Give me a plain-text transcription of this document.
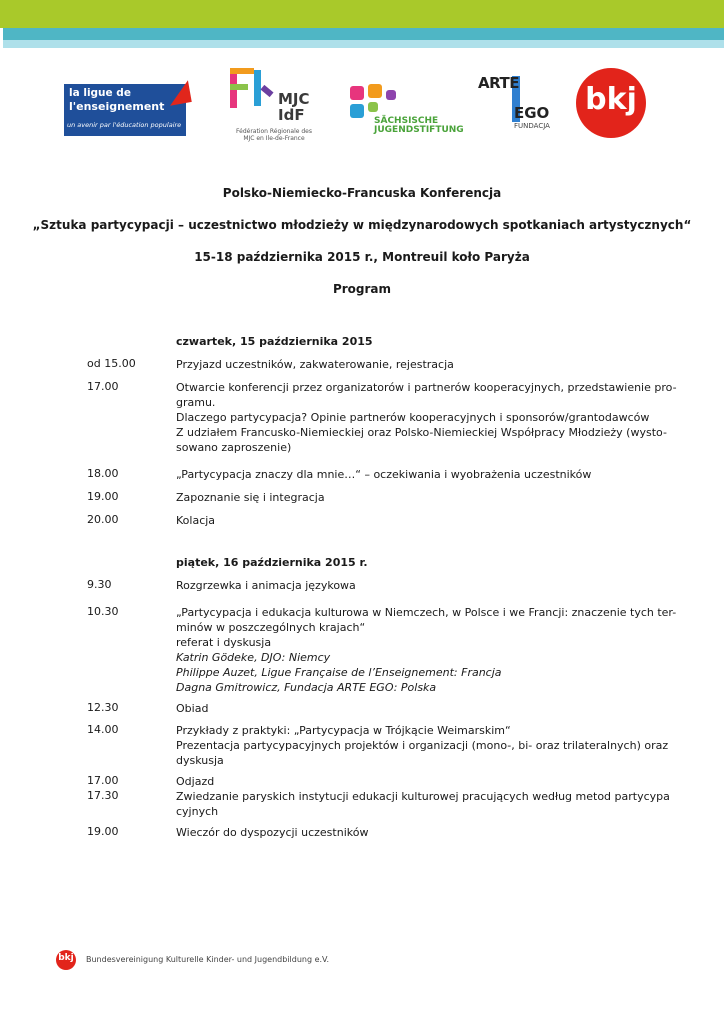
la ligue de
l'enseignement
un avenir par l'éducation populaire
MJC
IdF
Fédération Régionale des MJC en Ile-de-France
SÄCHSISCHE
JUGENDSTIFTUNG
ARTE
EGO
FUNDACJA
bkj
Polsko-Niemiecko-Francuska Konferencja
„Sztuka partycypacji – uczestnictwo młodzieży w międzynarodowych spotkaniach artystycznych“
15-18 października 2015 r., Montreuil koło Paryża
Program
czwartek, 15 października 2015
od 15.00	Przyjazd uczestników, zakwaterowanie, rejestracja
17.00	Otwarcie konferencji przez organizatorów i partnerów kooperacyjnych, przedstawienie pro-
gramu.
Dlaczego partycypacja? Opinie partnerów kooperacyjnych i sponsorów/grantodawców
Z udziałem Francusko-Niemieckiej oraz Polsko-Niemieckiej Współpracy Młodzieży (wysto-
sowano zaproszenie)
18.00	„Partycypacja znaczy dla mnie…“ – oczekiwania i wyobrażenia uczestników
19.00	Zapoznanie się i integracja
20.00	Kolacja
piątek, 16 października 2015 r.
9.30	Rozgrzewka i animacja językowa
10.30	„Partycypacja i edukacja kulturowa w Niemczech, w Polsce i we Francji: znaczenie tych ter-
minów w poszczególnych krajach“
referat i dyskusja
Katrin Gödeke, DJO: Niemcy
Philippe Auzet, Ligue Française de l’Enseignement: Francja
Dagna Gmitrowicz, Fundacja ARTE EGO: Polska
12.30	Obiad
14.00	Przykłady z praktyki: „Partycypacja w Trójkącie Weimarskim“
Prezentacja partycypacyjnych projektów i organizacji (mono-, bi- oraz trilateralnych) oraz
dyskusja
17.00	Odjazd
17.30	Zwiedzanie paryskich instytucji edukacji kulturowej pracujących według metod partycypa
cyjnych
19.00	Wieczór do dyspozycji uczestników
bkj Bundesvereinigung Kulturelle Kinder- und Jugendbildung e.V.
